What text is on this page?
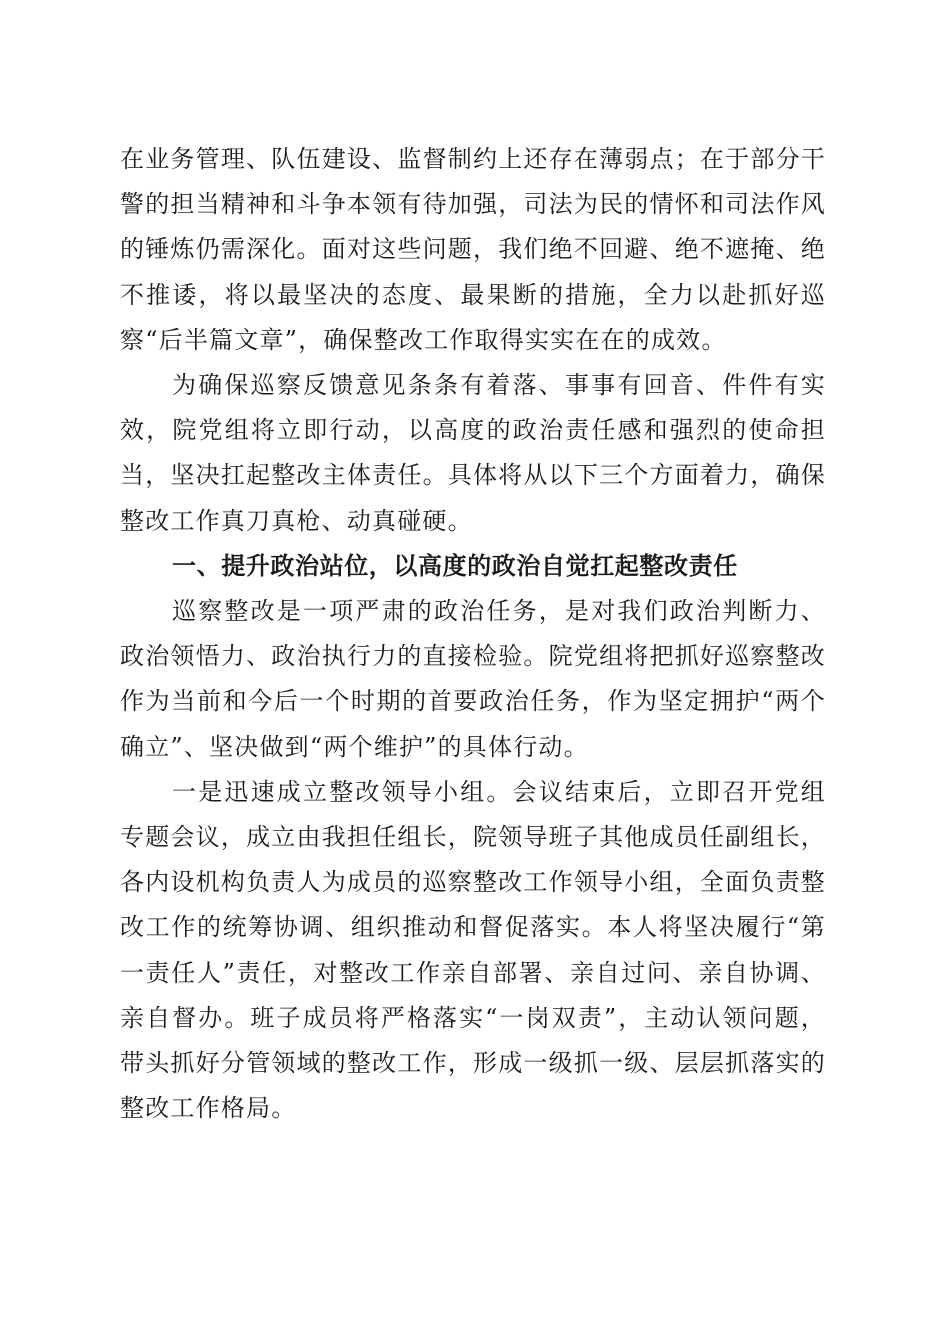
在业务管理、队伍建设、监督制约上还存在薄弱点；在于部分干警的担当精神和斗争本领有待加强，司法为民的情怀和司法作风的锤炼仍需深化。面对这些问题，我们绝不回避、绝不遮掩、绝不推诿，将以最坚决的态度、最果断的措施，全力以赴抓好巡察“后半篇文章”，确保整改工作取得实实在在的成效。

为确保巡察反馈意见条条有着落、事事有回音、件件有实效，院党组将立即行动，以高度的政治责任感和强烈的使命担当，坚决扛起整改主体责任。具体将从以下三个方面着力，确保整改工作真刀真枪、动真碰硬。

一、提升政治站位，以高度的政治自觉扛起整改责任

巡察整改是一项严肃的政治任务，是对我们政治判断力、政治领悟力、政治执行力的直接检验。院党组将把抓好巡察整改作为当前和今后一个时期的首要政治任务，作为坚定拥护“两个确立”、坚决做到“两个维护”的具体行动。

一是迅速成立整改领导小组。会议结束后，立即召开党组专题会议，成立由我担任组长，院领导班子其他成员任副组长，各内设机构负责人为成员的巡察整改工作领导小组，全面负责整改工作的统筹协调、组织推动和督促落实。本人将坚决履行“第一责任人”责任，对整改工作亲自部署、亲自过问、亲自协调、亲自督办。班子成员将严格落实“一岗双责”，主动认领问题，带头抓好分管领域的整改工作，形成一级抓一级、层层抓落实的整改工作格局。
